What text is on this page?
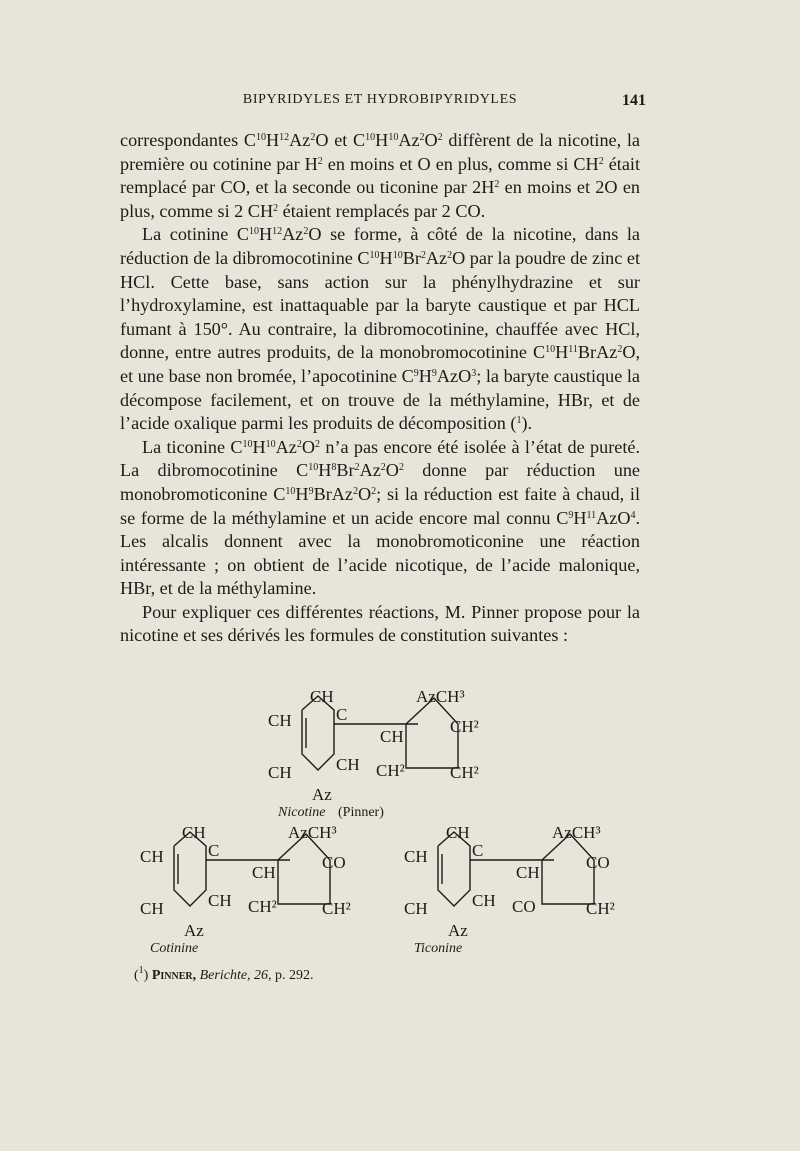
BIPYRIDYLES ET HYDROBIPYRIDYLES	141

correspondantes $C^{10}H^{12}Az^2O$ et $C^{10}H^{10}Az^2O^2$ diffèrent de la nicotine, la première ou cotinine par $H^2$ en moins et O en plus, comme si $CH^2$ était remplacé par CO, et la seconde ou ticonine par $2H^2$ en moins et 2O en plus, comme si 2 $CH^2$ étaient remplacés par 2 CO.

La cotinine $C^{10}H^{12}Az^2O$ se forme, à côté de la nicotine, dans la réduction de la dibromocotinine $C^{10}H^{10}Br^2Az^2O$ par la poudre de zinc et HCl. Cette base, sans action sur la phénylhydrazine et sur l’hydroxylamine, est inattaquable par la baryte caustique et par HCL fumant à 150°. Au contraire, la dibromocotinine, chauffée avec HCl, donne, entre autres produits, de la monobromocotinine $C^{10}H^{11}BrAz^2O$, et une base non bromée, l’apocotinine $C^9H^9AzO^3$; la baryte caustique la décompose facilement, et on trouve de la méthylamine, HBr, et de l’acide oxalique parmi les produits de décomposition ($^1$).

La ticonine $C^{10}H^{10}Az^2O^2$ n’a pas encore été isolée à l’état de pureté. La dibromocotinine $C^{10}H^8Br^2Az^2O^2$ donne par réduction une monobromoticonine $C^{10}H^9BrAz^2O^2$; si la réduction est faite à chaud, il se forme de la méthylamine et un acide encore mal connu $C^9H^{11}AzO^4$. Les alcalis donnent avec la monobromoticonine une réaction intéressante ; on obtient de l’acide nicotique, de l’acide malonique, HBr, et de la méthylamine.

Pour expliquer ces différentes réactions, M. Pinner propose pour la nicotine et ses dérivés les formules de constitution suivantes :

CH
CH	C
CH	CH
Az
CH
AzCH³
CH²
CH²	CH²
Nicotine (Pinner)
CH
CH	C
CH	CH
Az
CH
AzCH³
CO
CH²	CH²
Cotinine
CH
CH	C
CH	CH
Az
CH
AzCH³
CO
CO	CH²
Ticonine
($^1$) Pinner, Berichte, 26, p. 292.
